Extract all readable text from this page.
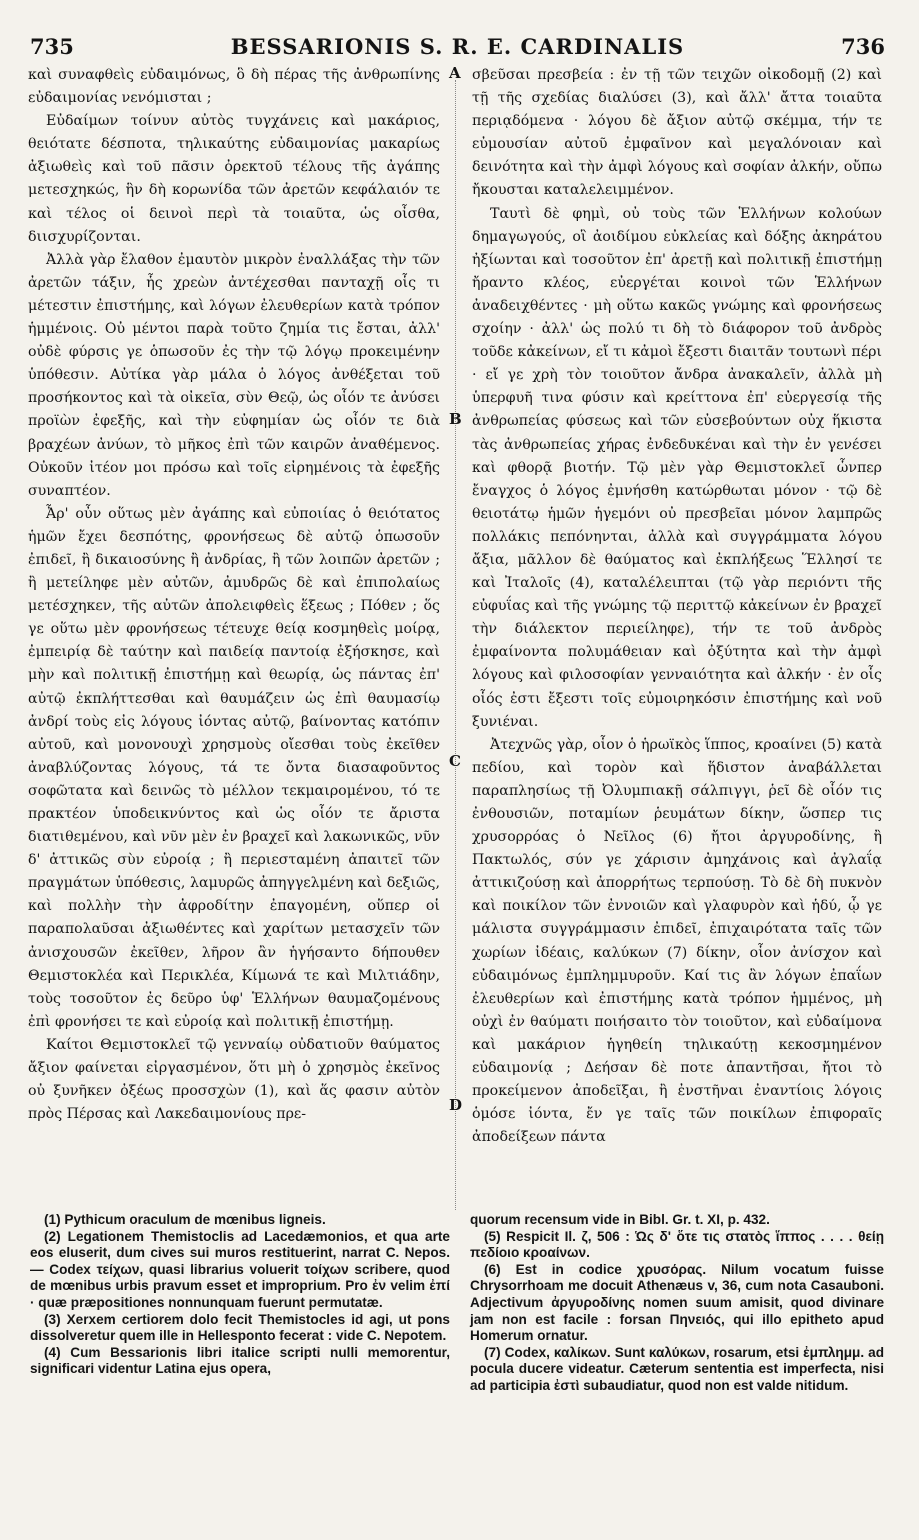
735	BESSARIONIS S. R. E. CARDINALIS	736
A
B
C
D

καὶ συναφθεὶς εὐδαιμόνως, ὃ δὴ πέρας τῆς ἀνθρωπίνης εὐδαιμονίας νενόμισται ;

Εὐδαίμων τοίνυν αὐτὸς τυγχάνεις καὶ μακάριος, θειότατε δέσποτα, τηλικαύτης εὐδαιμονίας μακαρίως ἀξιωθεὶς καὶ τοῦ πᾶσιν ὀρεκτοῦ τέλους τῆς ἀγάπης μετεσχηκώς, ἣν δὴ κορωνίδα τῶν ἀρετῶν κεφάλαιόν τε καὶ τέλος οἱ δεινοὶ περὶ τὰ τοιαῦτα, ὡς οἶσθα, διισχυρίζονται.

Ἀλλὰ γὰρ ἔλαθον ἐμαυτὸν μικρὸν ἐναλλάξας τὴν τῶν ἀρετῶν τάξιν, ἧς χρεὼν ἀντέχεσθαι πανταχῇ οἷς τι μέτεστιν ἐπιστήμης, καὶ λόγων ἐλευθερίων κατὰ τρόπον ἡμμένοις. Οὐ μέντοι παρὰ τοῦτο ζημία τις ἔσται, ἀλλ' οὐδὲ φύρσις γε ὁπωσοῦν ἐς τὴν τῷ λόγῳ προκειμένην ὑπόθεσιν. Αὐτίκα γὰρ μάλα ὁ λόγος ἀνθέξεται τοῦ προσήκοντος καὶ τὰ οἰκεῖα, σὺν Θεῷ, ὡς οἷόν τε ἀνύσει προϊὼν ἐφεξῆς, καὶ τὴν εὐφημίαν ὡς οἷόν τε διὰ βραχέων ἀνύων, τὸ μῆκος ἐπὶ τῶν καιρῶν ἀναθέμενος. Οὐκοῦν ἰτέον μοι πρόσω καὶ τοῖς εἰρημένοις τὰ ἐφεξῆς συναπτέον.

Ἆρ' οὖν οὕτως μὲν ἀγάπης καὶ εὐποιίας ὁ θειότατος ἡμῶν ἔχει δεσπότης, φρονήσεως δὲ αὐτῷ ὁπωσοῦν ἐπιδεῖ, ἢ δικαιοσύνης ἢ ἀνδρίας, ἢ τῶν λοιπῶν ἀρετῶν ; ἢ μετείληφε μὲν αὐτῶν, ἀμυδρῶς δὲ καὶ ἐπιπολαίως μετέσχηκεν, τῆς αὐτῶν ἀπολειφθεὶς ἕξεως ; Πόθεν ; ὅς γε οὕτω μὲν φρονήσεως τέτευχε θείᾳ κοσμηθεὶς μοίρᾳ, ἐμπειρίᾳ δὲ ταύτην καὶ παιδείᾳ παντοίᾳ ἐξήσκησε, καὶ μὴν καὶ πολιτικῇ ἐπιστήμῃ καὶ θεωρίᾳ, ὡς πάντας ἐπ' αὐτῷ ἐκπλήττεσθαι καὶ θαυμάζειν ὡς ἐπὶ θαυμασίῳ ἀνδρί τοὺς εἰς λόγους ἰόντας αὐτῷ, βαίνοντας κατόπιν αὐτοῦ, καὶ μονονουχὶ χρησμοὺς οἴεσθαι τοὺς ἐκεῖθεν ἀναβλύζοντας λόγους, τά τε ὄντα διασαφοῦντος σοφῶτατα καὶ δεινῶς τὸ μέλλον τεκμαιρομένου, τό τε πρακτέον ὑποδεικνύντος καὶ ὡς οἷόν τε ἄριστα διατιθεμένου, καὶ νῦν μὲν ἐν βραχεῖ καὶ λακωνικῶς, νῦν δ' ἀττικῶς σὺν εὐροίᾳ ; ἢ περιεσταμένη ἀπαιτεῖ τῶν πραγμάτων ὑπόθεσις, λαμυρῶς ἀπηγγελμένη καὶ δεξιῶς, καὶ πολλὴν τὴν ἀφροδίτην ἐπαγομένη, οὕπερ οἱ παραπολαῦσαι ἀξιωθέντες καὶ χαρίτων μετασχεῖν τῶν ἀνισχουσῶν ἐκεῖθεν, λῆρον ἂν ἡγήσαντο δήπουθεν Θεμιστοκλέα καὶ Περικλέα, Κίμωνά τε καὶ Μιλτιάδην, τοὺς τοσοῦτον ἐς δεῦρο ὑφ' Ἑλλήνων θαυμαζομένους ἐπὶ φρονήσει τε καὶ εὐροίᾳ καὶ πολιτικῇ ἐπιστήμῃ.

Καίτοι Θεμιστοκλεῖ τῷ γενναίῳ οὐδατιοῦν θαύματος ἄξιον φαίνεται εἰργασμένον, ὅτι μὴ ὁ χρησμὸς ἐκεῖνος οὐ ξυνῆκεν ὀξέως προσσχὼν (1), καὶ ἅς φασιν αὐτὸν πρὸς Πέρσας καὶ Λακεδαιμονίους πρε-

σβεῦσαι πρεσβεία : ἐν τῇ τῶν τειχῶν οἰκοδομῇ (2) καὶ τῇ τῆς σχεδίας διαλύσει (3), καὶ ἄλλ' ἄττα τοιαῦτα περιᾳδόμενα · λόγου δὲ ἄξιον αὐτῷ σκέμμα, τήν τε εὐμουσίαν αὐτοῦ ἐμφαῖνον καὶ μεγαλόνοιαν καὶ δεινότητα καὶ τὴν ἀμφὶ λόγους καὶ σοφίαν ἀλκήν, οὔπω ἤκουσται καταλελειμμένον.

Ταυτὶ δὲ φημὶ, οὐ τοὺς τῶν Ἑλλήνων κολούων δημαγωγούς, οἳ ἀοιδίμου εὐκλείας καὶ δόξης ἀκηράτου ἠξίωνται καὶ τοσοῦτον ἐπ' ἀρετῇ καὶ πολιτικῇ ἐπιστήμῃ ἤραντο κλέος, εὐεργέται κοινοὶ τῶν Ἑλλήνων ἀναδειχθέντες · μὴ οὕτω κακῶς γνώμης καὶ φρονήσεως σχοίην · ἀλλ' ὡς πολύ τι δὴ τὸ διάφορον τοῦ ἀνδρὸς τοῦδε κἀκείνων, εἴ τι κἀμοὶ ἔξεστι διαιτᾶν τουτωνὶ πέρι · εἴ γε χρὴ τὸν τοιοῦτον ἄνδρα ἀνακαλεῖν, ἀλλὰ μὴ ὑπερφυῆ τινα φύσιν καὶ κρείττονα ἐπ' εὐεργεσίᾳ τῆς ἀνθρωπείας φύσεως καὶ τῶν εὐσεβούντων οὐχ ἥκιστα τὰς ἀνθρωπείας χήρας ἐνδεδυκέναι καὶ τὴν ἐν γενέσει καὶ φθορᾷ βιοτήν. Τῷ μὲν γὰρ Θεμιστοκλεῖ ὧνπερ ἔναγχος ὁ λόγος ἐμνήσθη κατώρθωται μόνον · τῷ δὲ θειοτάτῳ ἡμῶν ἡγεμόνι οὐ πρεσβεῖαι μόνον λαμπρῶς πολλάκις πεπόνηνται, ἀλλὰ καὶ συγγράμματα λόγου ἄξια, μᾶλλον δὲ θαύματος καὶ ἐκπλήξεως Ἕλλησί τε καὶ Ἰταλοῖς (4), καταλέλειπται (τῷ γὰρ περιόντι τῆς εὐφυΐας καὶ τῆς γνώμης τῷ περιττῷ κἀκείνων ἐν βραχεῖ τὴν διάλεκτον περιείληφε), τήν τε τοῦ ἀνδρὸς ἐμφαίνοντα πολυμάθειαν καὶ ὀξύτητα καὶ τὴν ἀμφὶ λόγους καὶ φιλοσοφίαν γενναιότητα καὶ ἀλκήν · ἐν οἷς οἷός ἐστι ἔξεστι τοῖς εὐμοιρηκόσιν ἐπιστήμης καὶ νοῦ ξυνιέναι.

Ἀτεχνῶς γὰρ, οἷον ὁ ἡρωϊκὸς ἵππος, κροαίνει (5) κατὰ πεδίου, καὶ τορὸν καὶ ἥδιστον ἀναβάλλεται παραπλησίως τῇ Ὀλυμπιακῇ σάλπιγγι, ῥεῖ δὲ οἷόν τις ἐνθουσιῶν, ποταμίων ῥευμάτων δίκην, ὥσπερ τις χρυσορρόας ὁ Νεῖλος (6) ἤτοι ἀργυροδίνης, ἢ Πακτωλός, σύν γε χάρισιν ἀμηχάνοις καὶ ἀγλαΐᾳ ἀττικιζούσῃ καὶ ἀπορρήτως τερπούσῃ. Τὸ δὲ δὴ πυκνὸν καὶ ποικίλον τῶν ἐννοιῶν καὶ γλαφυρὸν καὶ ἡδύ, ᾧ γε μάλιστα συγγράμμασιν ἐπιδεῖ, ἐπιχαιρότατα ταῖς τῶν χωρίων ἰδέαις, καλύκων (7) δίκην, οἷον ἀνίσχον καὶ εὐδαιμόνως ἐμπλημμυροῦν. Καί τις ἂν λόγων ἐπαΐων ἐλευθερίων καὶ ἐπιστήμης κατὰ τρόπον ἡμμένος, μὴ οὐχὶ ἐν θαύματι ποιήσαιτο τὸν τοιοῦτον, καὶ εὐδαίμονα καὶ μακάριον ἡγηθείη τηλικαύτῃ κεκοσμημένον εὐδαιμονίᾳ ; Δεήσαν δὲ ποτε ἀπαντῆσαι, ἤτοι τὸ προκείμενον ἀποδεῖξαι, ἢ ἐνστῆναι ἐναντίοις λόγοις ὁμόσε ἰόντα, ἔν γε ταῖς τῶν ποικίλων ἐπιφοραῖς ἀποδείξεων πάντα

(1) Pythicum oraculum de mœnibus ligneis.

(2) Legationem Themistoclis ad Lacedæmonios, et qua arte eos eluserit, dum cives sui muros restituerint, narrat C. Nepos. — Codex τείχων, quasi librarius voluerit τοίχων scribere, quod de mœnibus urbis pravum esset et improprium. Pro ἐν velim ἐπί · quæ præpositiones nonnunquam fuerunt permutatæ.

(3) Xerxem certiorem dolo fecit Themistocles id agi, ut pons dissolveretur quem ille in Hellesponto fecerat : vide C. Nepotem.

(4) Cum Bessarionis libri italice scripti nulli memorentur, significari videntur Latina ejus opera,

quorum recensum vide in Bibl. Gr. t. XI, p. 432.

(5) Respicit Il. ζ, 506 : Ὡς δ' ὅτε τις στατὸς ἵππος . . . . θείῃ πεδίοιο κροαίνων.

(6) Est in codice χρυσόρας. Nilum vocatum fuisse Chrysorrhoam me docuit Athenæus v, 36, cum nota Casauboni. Adjectivum ἀργυροδίνης nomen suum amisit, quod divinare jam non est facile : forsan Πηνειός, qui illo epitheto apud Homerum ornatur.

(7) Codex, καλίκων. Sunt καλύκων, rosarum, etsi ἐμπλημμ. ad pocula ducere videatur. Cæterum sententia est imperfecta, nisi ad participia ἐστὶ subaudiatur, quod non est valde nitidum.
